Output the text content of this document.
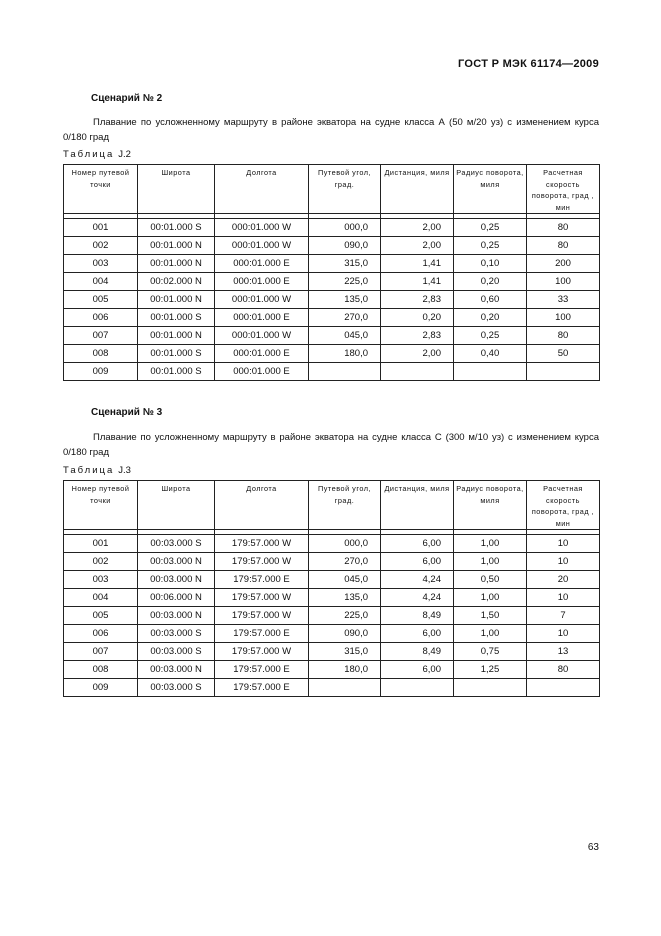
ГОСТ Р МЭК 61174—2009
Сценарий № 2
Плавание по усложненному маршруту в районе экватора на судне класса А (50 м/20 уз) с изменением курса 0/180 град
Таблица J.2
Номер путевой точки	Широта	Долгота	Путевой угол, град.	Дистанция, миля	Радиус поворота, миля	Расчетная скорость поворота, град , мин

001	00:01.000 S	000:01.000 W	000,0	2,00	0,25	80
002	00:01.000 N	000:01.000 W	090,0	2,00	0,25	80
003	00:01.000 N	000:01.000 E	315,0	1,41	0,10	200
004	00:02.000 N	000:01.000 E	225,0	1,41	0,20	100
005	00:01.000 N	000:01.000 W	135,0	2,83	0,60	33
006	00:01.000 S	000:01.000 E	270,0	0,20	0,20	100
007	00:01.000 N	000:01.000 W	045,0	2,83	0,25	80
008	00:01.000 S	000:01.000 E	180,0	2,00	0,40	50
009	00:01.000 S	000:01.000 E				
Сценарий № 3
Плавание по усложненному маршруту в районе экватора на судне класса С (300 м/10 уз) с изменением курса 0/180 град
Таблица J.3
Номер путевой точки	Широта	Долгота	Путевой угол, град.	Дистанция, миля	Радиус поворота, миля	Расчетная скорость поворота, град , мин

001	00:03.000 S	179:57.000 W	000,0	6,00	1,00	10
002	00:03.000 N	179:57.000 W	270,0	6,00	1,00	10
003	00:03.000 N	179:57.000 E	045,0	4,24	0,50	20
004	00:06.000 N	179:57.000 W	135,0	4,24	1,00	10
005	00:03.000 N	179:57.000 W	225,0	8,49	1,50	7
006	00:03.000 S	179:57.000 E	090,0	6,00	1,00	10
007	00:03.000 S	179:57.000 W	315,0	8,49	0,75	13
008	00:03.000 N	179:57.000 E	180,0	6,00	1,25	80
009	00:03.000 S	179:57.000 E				
63
